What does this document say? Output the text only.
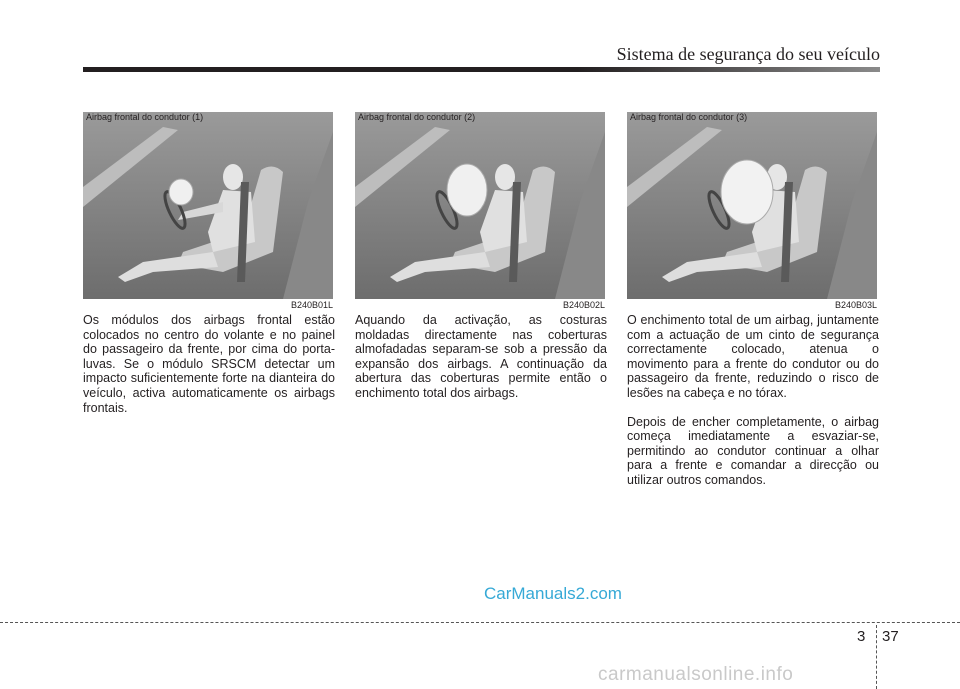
Sistema de segurança do seu veículo
Airbag frontal do condutor (1)
B240B01L
Airbag frontal do condutor (2)
B240B02L
Airbag frontal do condutor (3)
B240B03L

Os módulos dos airbags frontal estão colocados no centro do volante e no painel do passageiro da frente, por cima do porta-luvas. Se o módulo SRSCM detectar um impacto suficientemente forte na dianteira do veículo, activa automaticamente os airbags frontais.

Aquando da activação, as costuras moldadas directamente nas coberturas almofadadas separam-se sob a pressão da expansão dos airbags. A continuação da abertura das coberturas permite então o enchimento total dos airbags.

O enchimento total de um airbag, juntamente com a actuação de um cinto de segurança correctamente colocado, atenua o movimento para a frente do condutor ou do passageiro da frente, reduzindo o risco de lesões na cabeça e no tórax.

Depois de encher completamente, o airbag começa imediatamente a esvaziar-se, permitindo ao condutor continuar a olhar para a frente e comandar a direcção ou utilizar outros comandos.

CarManuals2.com
3 37
carmanualsonline.info
